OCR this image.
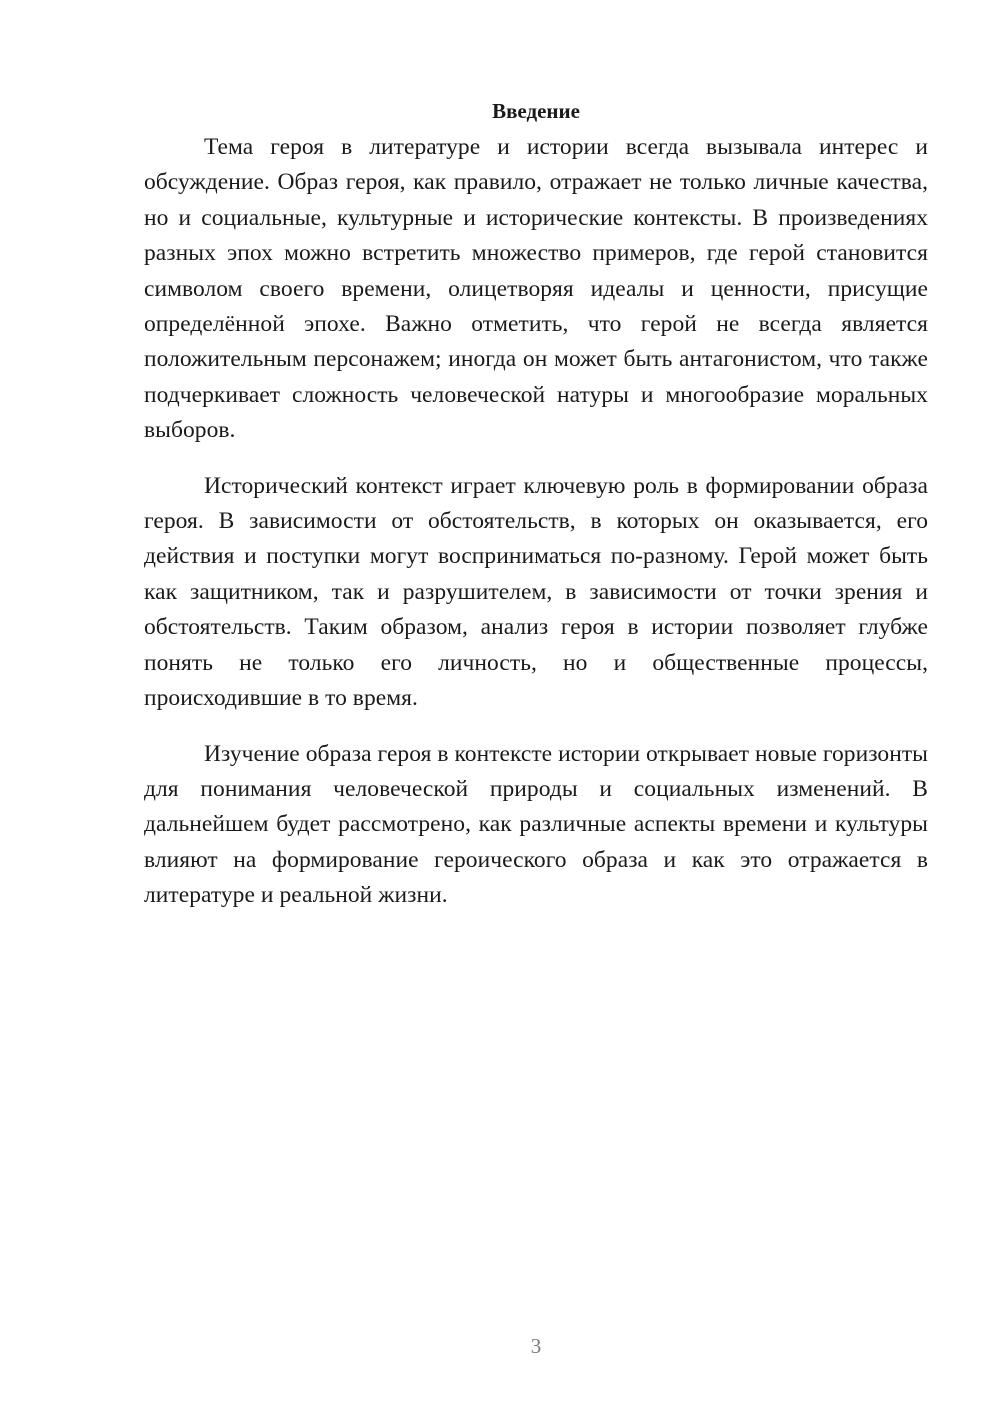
Введение

Тема героя в литературе и истории всегда вызывала интерес и обсуждение. Образ героя, как правило, отражает не только личные качества, но и социальные, культурные и исторические контексты. В произведениях разных эпох можно встретить множество примеров, где герой становится символом своего времени, олицетворяя идеалы и ценности, присущие определённой эпохе. Важно отметить, что герой не всегда является положительным персонажем; иногда он может быть антагонистом, что также подчеркивает сложность человеческой натуры и многообразие моральных выборов.

Исторический контекст играет ключевую роль в формировании образа героя. В зависимости от обстоятельств, в которых он оказывается, его действия и поступки могут восприниматься по-разному. Герой может быть как защитником, так и разрушителем, в зависимости от точки зрения и обстоятельств. Таким образом, анализ героя в истории позволяет глубже понять не только его личность, но и общественные процессы, происходившие в то время.

Изучение образа героя в контексте истории открывает новые горизонты для понимания человеческой природы и социальных изменений. В дальнейшем будет рассмотрено, как различные аспекты времени и культуры влияют на формирование героического образа и как это отражается в литературе и реальной жизни.

3
